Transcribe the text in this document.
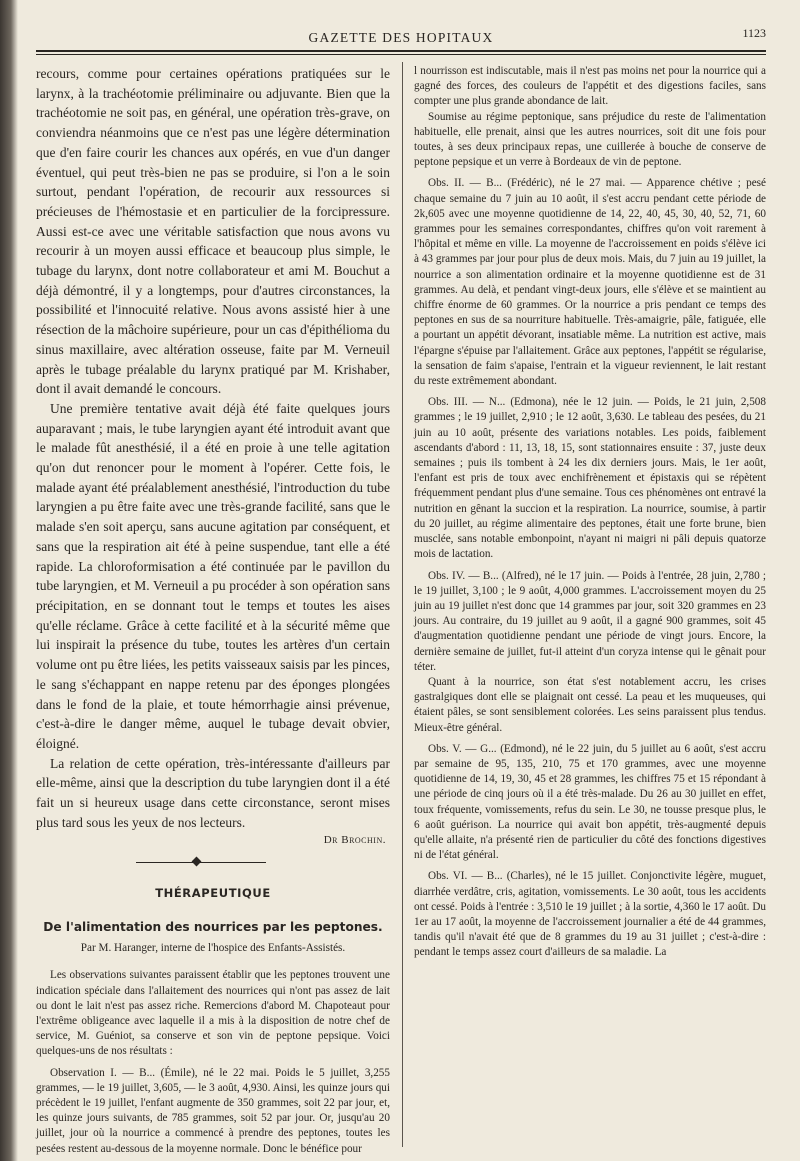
GAZETTE DES HOPITAUX	1123

recours, comme pour certaines opérations pratiquées sur le larynx, à la trachéotomie préliminaire ou adjuvante. Bien que la trachéotomie ne soit pas, en général, une opération très-grave, on conviendra néanmoins que ce n'est pas une légère détermination que d'en faire courir les chances aux opérés, en vue d'un danger éventuel, qui peut très-bien ne pas se produire, si l'on a le soin surtout, pendant l'opération, de recourir aux ressources si précieuses de l'hémostasie et en particulier de la forcipressure. Aussi est-ce avec une véritable satisfaction que nous avons vu recourir à un moyen aussi efficace et beaucoup plus simple, le tubage du larynx, dont notre collaborateur et ami M. Bouchut a déjà démontré, il y a longtemps, pour d'autres circonstances, la possibilité et l'innocuité relative. Nous avons assisté hier à une résection de la mâchoire supérieure, pour un cas d'épithélioma du sinus maxillaire, avec altération osseuse, faite par M. Verneuil après le tubage préalable du larynx pratiqué par M. Krishaber, dont il avait demandé le concours.

Une première tentative avait déjà été faite quelques jours auparavant ; mais, le tube laryngien ayant été introduit avant que le malade fût anesthésié, il a été en proie à une telle agitation qu'on dut renoncer pour le moment à l'opérer. Cette fois, le malade ayant été préalablement anesthésié, l'introduction du tube laryngien a pu être faite avec une très-grande facilité, sans que le malade s'en soit aperçu, sans aucune agitation par conséquent, et sans que la respiration ait été à peine suspendue, tant elle a été rapide. La chloroformisation a été continuée par le pavillon du tube laryngien, et M. Verneuil a pu procéder à son opération sans précipitation, en se donnant tout le temps et toutes les aises qu'elle réclame. Grâce à cette facilité et à la sécurité même que lui inspirait la présence du tube, toutes les artères d'un certain volume ont pu être liées, les petits vaisseaux saisis par les pinces, le sang s'échappant en nappe retenu par des éponges plongées dans le fond de la plaie, et toute hémorrhagie ainsi prévenue, c'est-à-dire le danger même, auquel le tubage devait obvier, éloigné.

La relation de cette opération, très-intéressante d'ailleurs par elle-même, ainsi que la description du tube laryngien dont il a été fait un si heureux usage dans cette circonstance, seront mises plus tard sous les yeux de nos lecteurs.

Dr Brochin.
THÉRAPEUTIQUE
De l'alimentation des nourrices par les peptones.
Par M. Haranger, interne de l'hospice des Enfants-Assistés.

Les observations suivantes paraissent établir que les peptones trouvent une indication spéciale dans l'allaitement des nourrices qui n'ont pas assez de lait ou dont le lait n'est pas assez riche. Remercions d'abord M. Chapoteaut pour l'extrême obligeance avec laquelle il a mis à la disposition de notre chef de service, M. Guéniot, sa conserve et son vin de peptone pepsique. Voici quelques-uns de nos résultats :

Observation I. — B... (Émile), né le 22 mai. Poids le 5 juillet, 3,255 grammes, — le 19 juillet, 3,605, — le 3 août, 4,930. Ainsi, les quinze jours qui précèdent le 19 juillet, l'enfant augmente de 350 grammes, soit 22 par jour, et, les quinze jours suivants, de 785 grammes, soit 52 par jour. Or, jusqu'au 20 juillet, jour où la nourrice a commencé à prendre des peptones, toutes les pesées restent au-dessous de la moyenne normale. Donc le bénéfice pour

l nourrisson est indiscutable, mais il n'est pas moins net pour la nourrice qui a gagné des forces, des couleurs de l'appétit et des digestions faciles, sans compter une plus grande abondance de lait.

Soumise au régime peptonique, sans préjudice du reste de l'alimentation habituelle, elle prenait, ainsi que les autres nourrices, soit dit une fois pour toutes, à ses deux principaux repas, une cuillerée à bouche de conserve de peptone pepsique et un verre à Bordeaux de vin de peptone.

Obs. II. — B... (Frédéric), né le 27 mai. — Apparence chétive ; pesé chaque semaine du 7 juin au 10 août, il s'est accru pendant cette période de 2k,605 avec une moyenne quotidienne de 14, 22, 40, 45, 30, 40, 52, 71, 60 grammes pour les semaines correspondantes, chiffres qu'on voit rarement à l'hôpital et même en ville. La moyenne de l'accroissement en poids s'élève ici à 43 grammes par jour pour plus de deux mois. Mais, du 7 juin au 19 juillet, la nourrice a son alimentation ordinaire et la moyenne quotidienne est de 31 grammes. Au delà, et pendant vingt-deux jours, elle s'élève et se maintient au chiffre énorme de 60 grammes. Or la nourrice a pris pendant ce temps des peptones en sus de sa nourriture habituelle. Très-amaigrie, pâle, fatiguée, elle a pourtant un appétit dévorant, insatiable même. La nutrition est active, mais l'épargne s'épuise par l'allaitement. Grâce aux peptones, l'appétit se régularise, la sensation de faim s'apaise, l'entrain et la vigueur reviennent, le lait restant du reste extrêmement abondant.

Obs. III. — N... (Edmona), née le 12 juin. — Poids, le 21 juin, 2,508 grammes ; le 19 juillet, 2,910 ; le 12 août, 3,630. Le tableau des pesées, du 21 juin au 10 août, présente des variations notables. Les poids, faiblement ascendants d'abord : 11, 13, 18, 15, sont stationnaires ensuite : 37, juste deux semaines ; puis ils tombent à 24 les dix derniers jours. Mais, le 1er août, l'enfant est pris de toux avec enchifrènement et épistaxis qui se répètent fréquemment pendant plus d'une semaine. Tous ces phénomènes ont entravé la nutrition en gênant la succion et la respiration. La nourrice, soumise, à partir du 20 juillet, au régime alimentaire des peptones, était une forte brune, bien musclée, sans notable embonpoint, n'ayant ni maigri ni pâli depuis quatorze mois de lactation.

Obs. IV. — B... (Alfred), né le 17 juin. — Poids à l'entrée, 28 juin, 2,780 ; le 19 juillet, 3,100 ; le 9 août, 4,000 grammes. L'accroissement moyen du 25 juin au 19 juillet n'est donc que 14 grammes par jour, soit 320 grammes en 23 jours. Au contraire, du 19 juillet au 9 août, il a gagné 900 grammes, soit 45 d'augmentation quotidienne pendant une période de vingt jours. Encore, la dernière semaine de juillet, fut-il atteint d'un coryza intense qui le gênait pour téter.

Quant à la nourrice, son état s'est notablement accru, les crises gastralgiques dont elle se plaignait ont cessé. La peau et les muqueuses, qui étaient pâles, se sont sensiblement colorées. Les seins paraissent plus tendus. Mieux-être général.

Obs. V. — G... (Edmond), né le 22 juin, du 5 juillet au 6 août, s'est accru par semaine de 95, 135, 210, 75 et 170 grammes, avec une moyenne quotidienne de 14, 19, 30, 45 et 28 grammes, les chiffres 75 et 15 répondant à une période de cinq jours où il a été très-malade. Du 26 au 30 juillet en effet, toux fréquente, vomissements, refus du sein. Le 30, ne tousse presque plus, le 6 août guérison. La nourrice qui avait bon appétit, très-augmenté depuis qu'elle allaite, n'a présenté rien de particulier du côté des fonctions digestives ni de l'état général.

Obs. VI. — B... (Charles), né le 15 juillet. Conjonctivite légère, muguet, diarrhée verdâtre, cris, agitation, vomissements. Le 30 août, tous les accidents ont cessé. Poids à l'entrée : 3,510 le 19 juillet ; à la sortie, 4,360 le 17 août. Du 1er au 17 août, la moyenne de l'accroissement journalier a été de 44 grammes, tandis qu'il n'avait été que de 8 grammes du 19 au 31 juillet ; c'est-à-dire : pendant le temps assez court d'ailleurs de sa maladie. La
